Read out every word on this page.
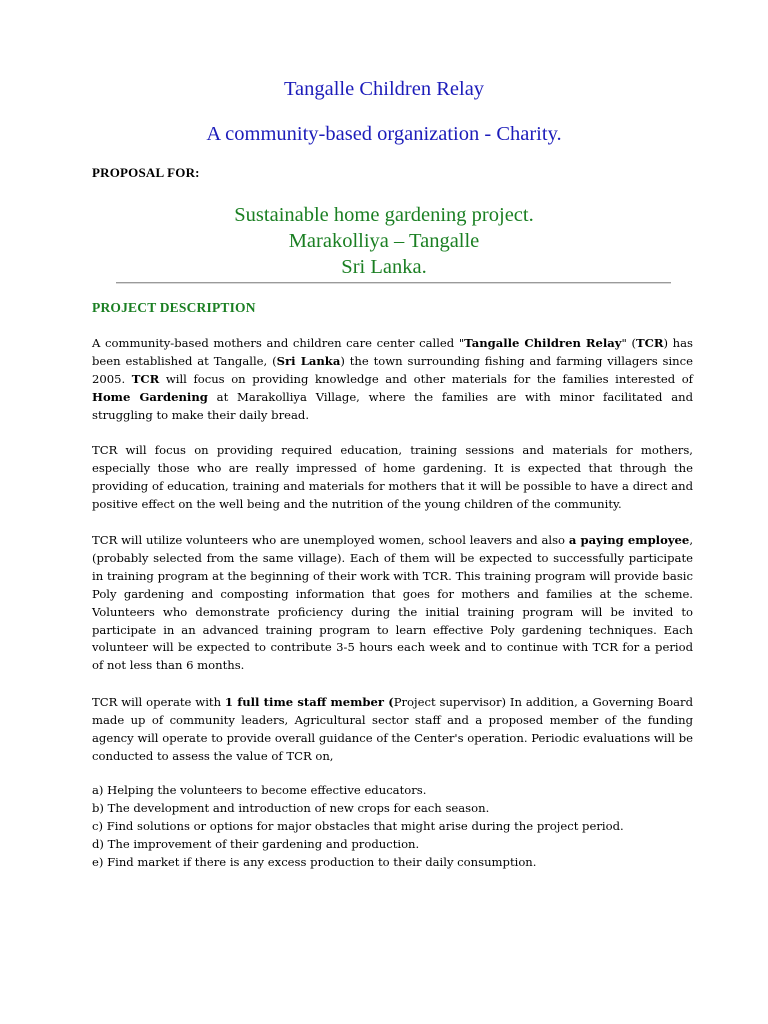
Tangalle Children Relay
A community-based organization - Charity.
PROPOSAL FOR:
Sustainable home gardening project.
Marakolliya – Tangalle
Sri Lanka.
PROJECT DESCRIPTION

A community-based mothers and children care center called "Tangalle Children Relay" (TCR) has been established at Tangalle, (Sri Lanka) the town surrounding fishing and farming villagers since 2005. TCR will focus on providing knowledge and other materials for the families interested of Home Gardening at Marakolliya Village, where the families are with minor facilitated and struggling to make their daily bread.

TCR will focus on providing required education, training sessions and materials for mothers, especially those who are really impressed of home gardening. It is expected that through the providing of education, training and materials for mothers that it will be possible to have a direct and positive effect on the well being and the nutrition of the young children of the community.

TCR will utilize volunteers who are unemployed women, school leavers and also a paying employee, (probably selected from the same village). Each of them will be expected to successfully participate in training program at the beginning of their work with TCR. This training program will provide basic Poly gardening and composting information that goes for mothers and families at the scheme. Volunteers who demonstrate proficiency during the initial training program will be invited to participate in an advanced training program to learn effective Poly gardening techniques. Each volunteer will be expected to contribute 3-5 hours each week and to continue with TCR for a period of not less than 6 months.

TCR will operate with 1 full time staff member (Project supervisor) In addition, a Governing Board made up of community leaders, Agricultural sector staff and a proposed member of the funding agency will operate to provide overall guidance of the Center's operation. Periodic evaluations will be conducted to assess the value of TCR on,

a) Helping the volunteers to become effective educators.
b) The development and introduction of new crops for each season.
c) Find solutions or options for major obstacles that might arise during the project period.
d) The improvement of their gardening and production.
e) Find market if there is any excess production to their daily consumption.
